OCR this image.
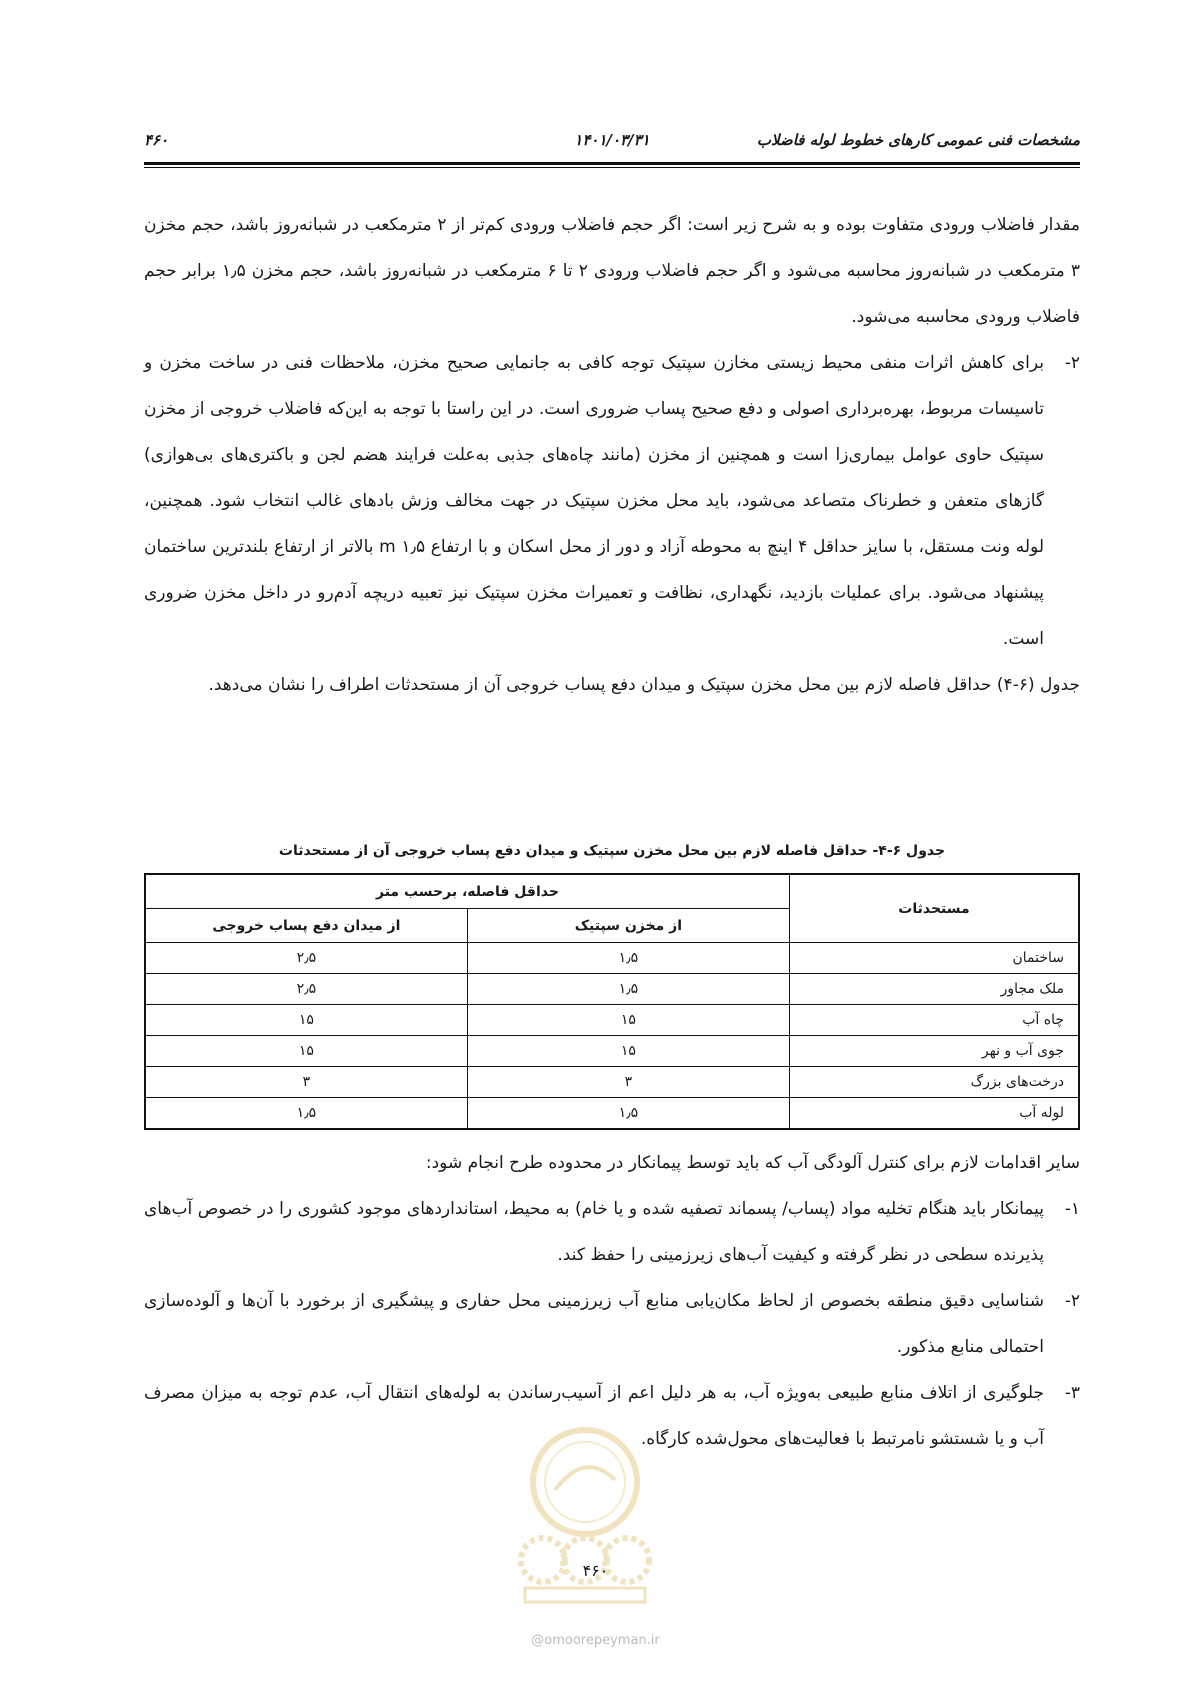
مشخصات فنی عمومی کارهای خطوط لوله فاضلاب
۱۴۰۱/۰۳/۳۱
۴۶۰

مقدار فاضلاب ورودی متفاوت بوده و به شرح زیر است: اگر حجم فاضلاب ورودی کم‌تر از ۲ مترمکعب در شبانه‌روز باشد، حجم مخزن ۳ مترمکعب در شبانه‌روز محاسبه می‌شود و اگر حجم فاضلاب ورودی ۲ تا ۶ مترمکعب در شبانه‌روز باشد، حجم مخزن ۱٫۵ برابر حجم فاضلاب ورودی محاسبه می‌شود.

۲-
برای کاهش اثرات منفی محیط زیستی مخازن سپتیک توجه کافی به جانمایی صحیح مخزن، ملاحظات فنی در ساخت مخزن و تاسیسات مربوط، بهره‌برداری اصولی و دفع صحیح پساب ضروری است. در این راستا با توجه به این‌که فاضلاب خروجی از مخزن سپتیک حاوی عوامل بیماری‌زا است و همچنین از مخزن (مانند چاه‌های جذبی به‌علت فرایند هضم لجن و باکتری‌های بی‌هوازی) گازهای متعفن و خطرناک متصاعد می‌شود، باید محل مخزن سپتیک در جهت مخالف وزش بادهای غالب انتخاب شود. همچنین، لوله ونت مستقل، با سایز حداقل ۴ اینچ به محوطه آزاد و دور از محل اسکان و با ارتفاع ۱٫۵ m بالاتر از ارتفاع بلندترین ساختمان پیشنهاد می‌شود. برای عملیات بازدید، نگهداری، نظافت و تعمیرات مخزن سپتیک نیز تعبیه دریچه آدم‌رو در داخل مخزن ضروری است.

جدول (۶-۴) حداقل فاصله لازم بین محل مخزن سپتیک و میدان دفع پساب خروجی آن از مستحدثات اطراف را نشان می‌دهد.

جدول ۶-۴- حداقل فاصله لازم بین محل مخزن سپتیک و میدان دفع پساب خروجی آن از مستحدثات
مستحدثات	حداقل فاصله، برحسب متر	
	از مخزن سپتیک	از میدان دفع پساب خروجی
ساختمان	۱٫۵	۲٫۵
ملک مجاور	۱٫۵	۲٫۵
چاه آب	۱۵	۱۵
جوی آب و نهر	۱۵	۱۵
درخت‌های بزرگ	۳	۳
لوله آب	۱٫۵	۱٫۵

سایر اقدامات لازم برای کنترل آلودگی آب که باید توسط پیمانکار در محدوده طرح انجام شود:

۱-
پیمانکار باید هنگام تخلیه مواد (پساب/ پسماند تصفیه شده و یا خام) به محیط، استانداردهای موجود کشوری را در خصوص آب‌های پذیرنده سطحی در نظر گرفته و کیفیت آب‌های زیرزمینی را حفظ کند.
۲-
شناسایی دقیق منطقه بخصوص از لحاظ مکان‌یابی منابع آب زیرزمینی محل حفاری و پیشگیری از برخورد با آن‌ها و آلوده‌سازی احتمالی منابع مذکور.
۳-
جلوگیری از اتلاف منابع طبیعی به‌ویژه آب، به هر دلیل اعم از آسیب‌رساندن به لوله‌های انتقال آب، عدم توجه به میزان مصرف آب و یا شستشو نامرتبط با فعالیت‌های محول‌شده کارگاه.
۴۶۰
@omoorepeyman.ir
